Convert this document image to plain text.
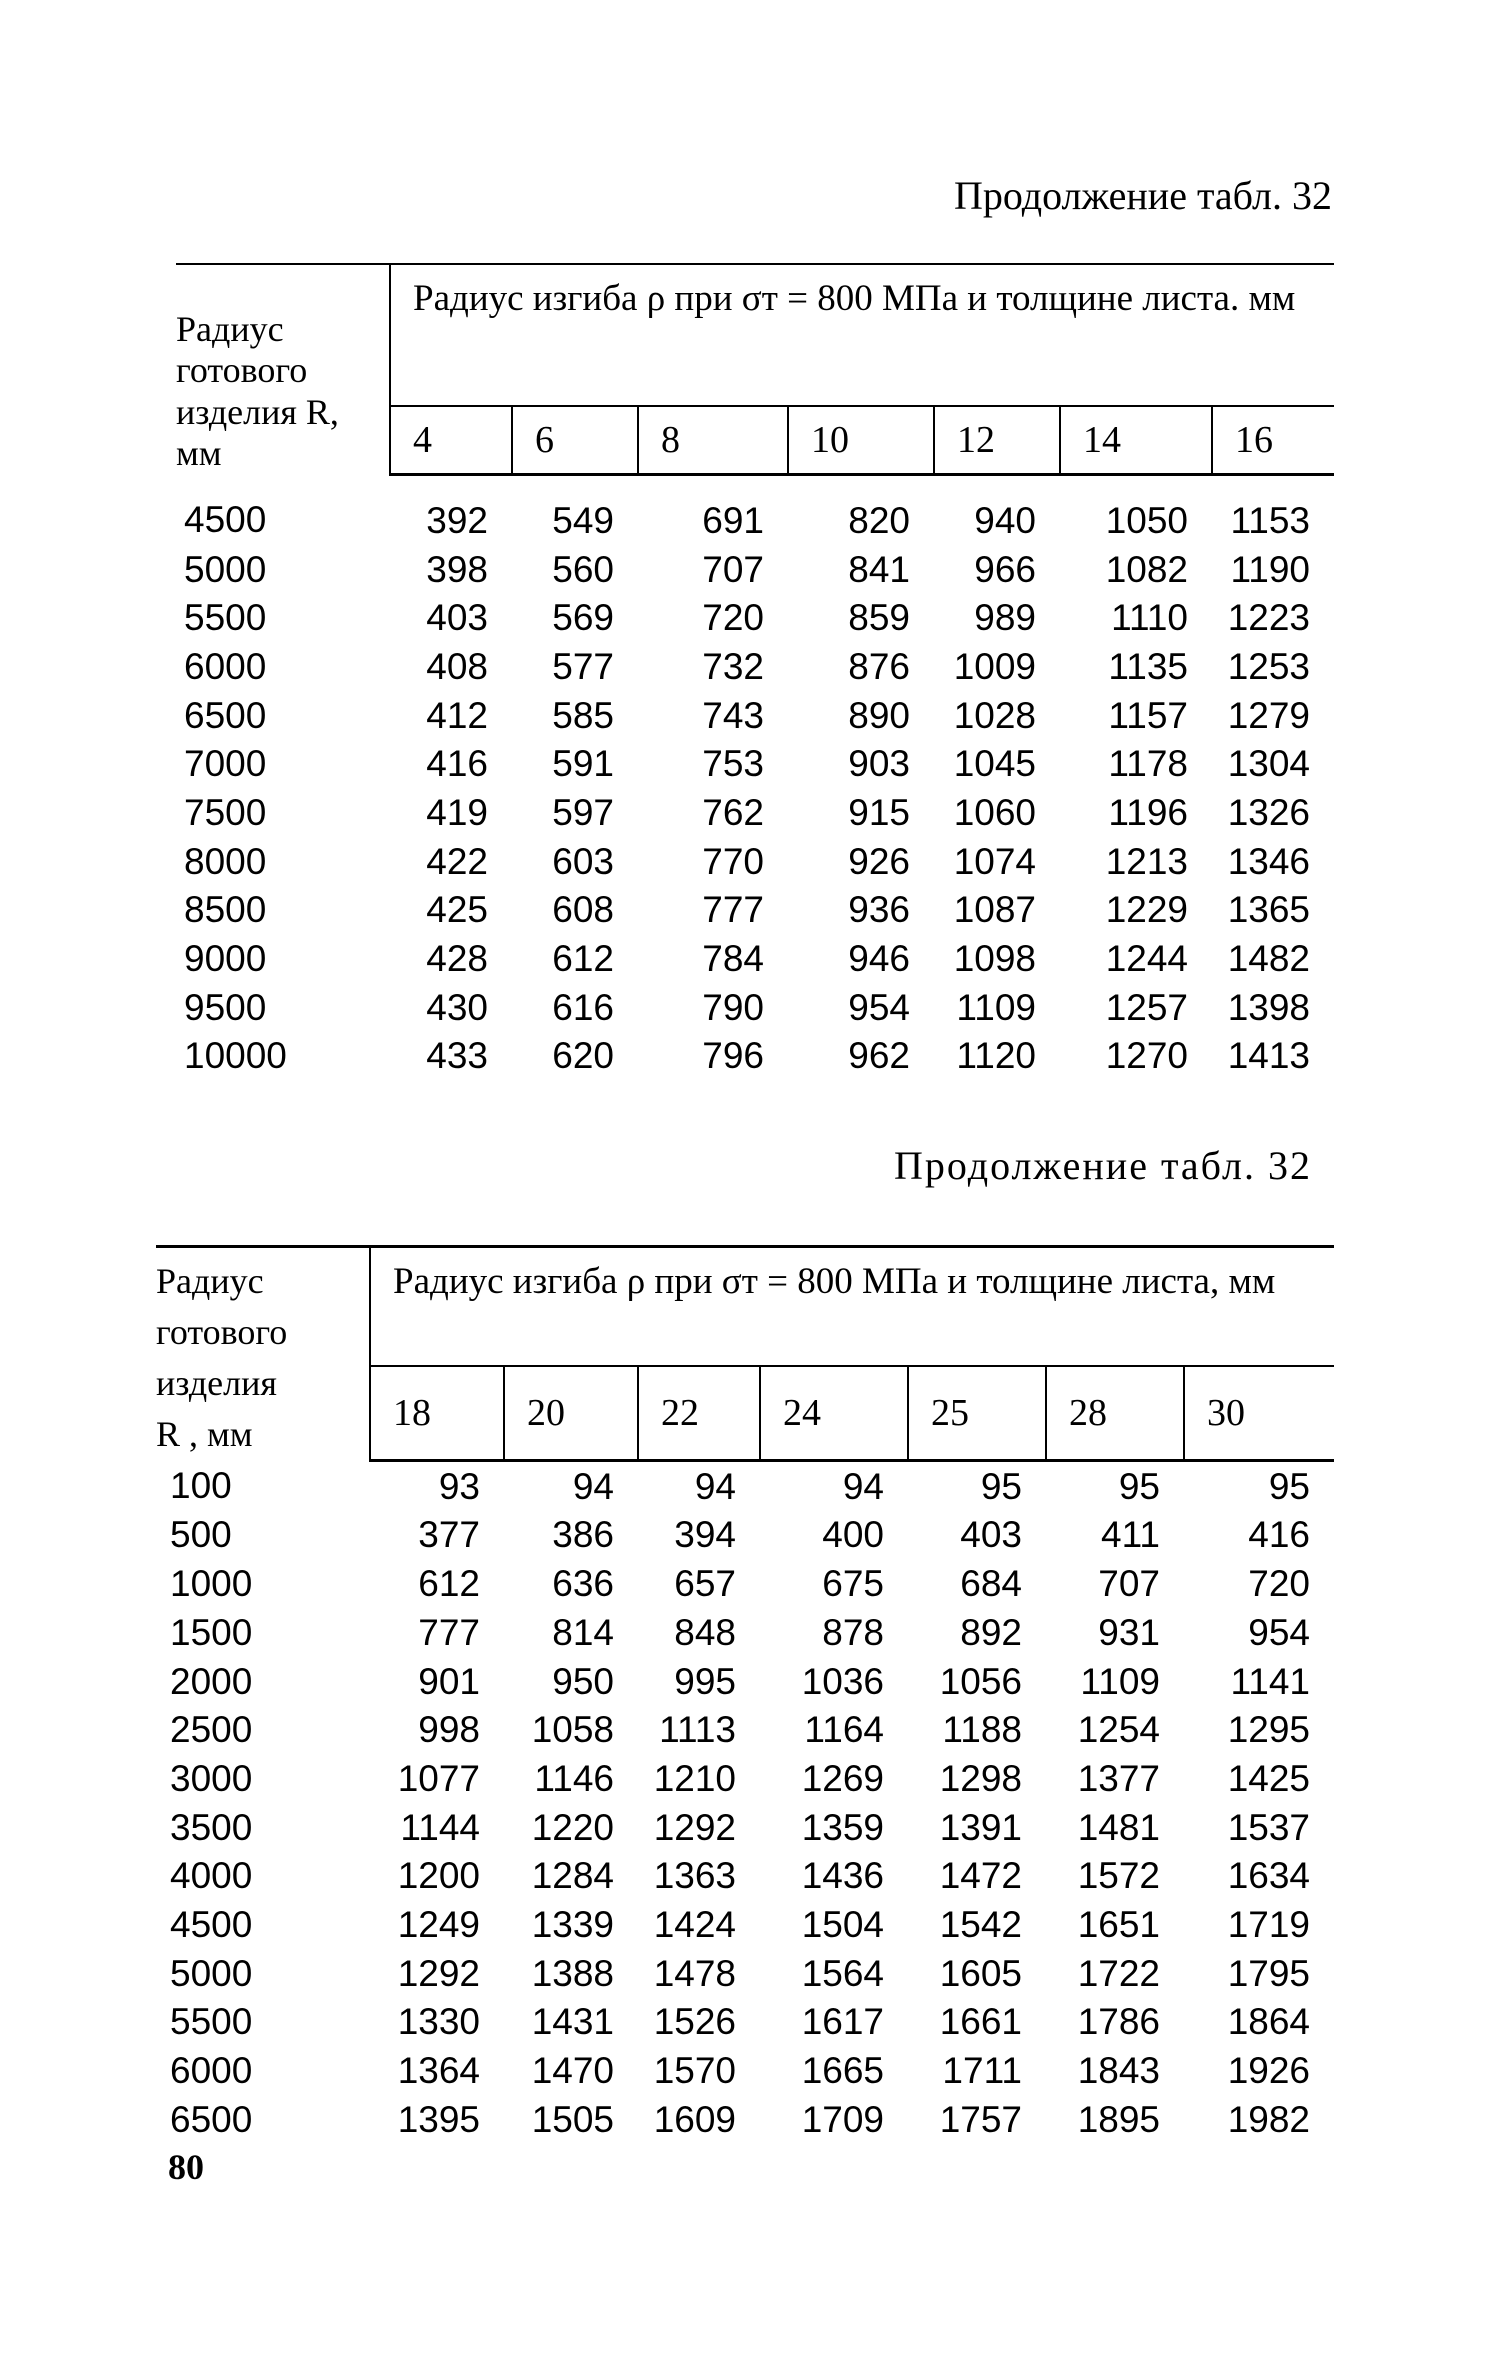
Продолжение табл. 32
Радиус
готового
изделия R,
мм	Радиус изгиба ρ при σт = 800 МПа и толщине листа. мм						
	4	6	8	10	12	14	16
4500	392	549	691	820	940	1050	1153
5000	398	560	707	841	966	1082	1190
5500	403	569	720	859	989	1110	1223
6000	408	577	732	876	1009	1135	1253
6500	412	585	743	890	1028	1157	1279
7000	416	591	753	903	1045	1178	1304
7500	419	597	762	915	1060	1196	1326
8000	422	603	770	926	1074	1213	1346
8500	425	608	777	936	1087	1229	1365
9000	428	612	784	946	1098	1244	1482
9500	430	616	790	954	1109	1257	1398
10000	433	620	796	962	1120	1270	1413
Продолжение табл. 32
Радиус
готового
изделия
R , мм	Радиус изгиба ρ при σт = 800 МПа и толщине листа, мм						
	18	20	22	24	25	28	30
100	93	94	94	94	95	95	95
500	377	386	394	400	403	411	416
1000	612	636	657	675	684	707	720
1500	777	814	848	878	892	931	954
2000	901	950	995	1036	1056	1109	1141
2500	998	1058	1113	1164	1188	1254	1295
3000	1077	1146	1210	1269	1298	1377	1425
3500	1144	1220	1292	1359	1391	1481	1537
4000	1200	1284	1363	1436	1472	1572	1634
4500	1249	1339	1424	1504	1542	1651	1719
5000	1292	1388	1478	1564	1605	1722	1795
5500	1330	1431	1526	1617	1661	1786	1864
6000	1364	1470	1570	1665	1711	1843	1926
6500	1395	1505	1609	1709	1757	1895	1982
80
